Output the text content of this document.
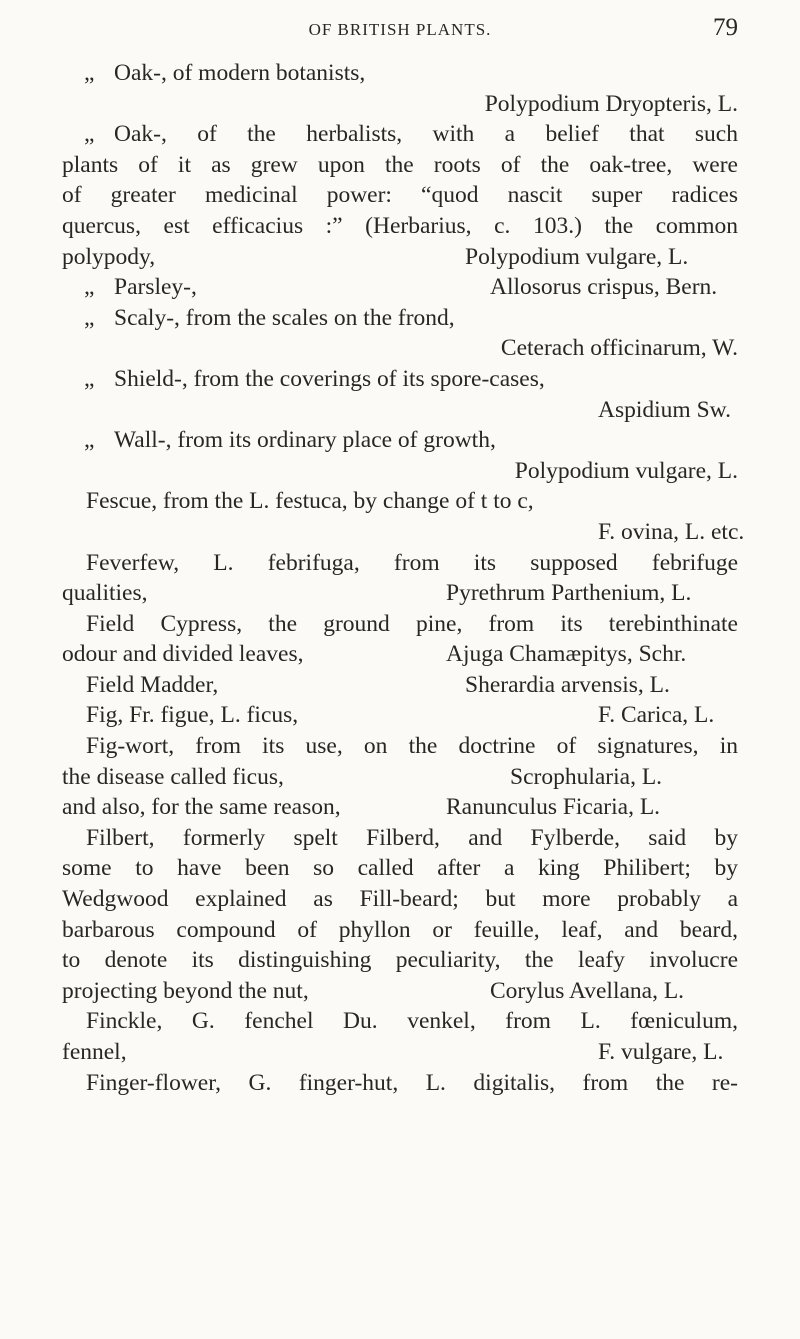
OF BRITISH PLANTS.	79
„ Oak-, of modern botanists,
Polypodium Dryopteris, L.
„ Oak-, of the herbalists, with a belief that such
plants of it as grew upon the roots of the oak-tree, were
of greater medicinal power: “quod nascit super radices
quercus, est efficacius :” (Herbarius, c. 103.) the common
polypody,	Polypodium vulgare, L.
„ Parsley-,	Allosorus crispus, Bern.
„ Scaly-, from the scales on the frond,
Ceterach officinarum, W.
„ Shield-, from the coverings of its spore-cases,
Aspidium Sw.
„ Wall-, from its ordinary place of growth,
Polypodium vulgare, L.
Fescue, from the L. festuca, by change of t to c,
F. ovina, L. etc.
Feverfew, L. febrifuga, from its supposed febrifuge
qualities,	Pyrethrum Parthenium, L.
Field Cypress, the ground pine, from its terebinthinate
odour and divided leaves,	Ajuga Chamæpitys, Schr.
Field Madder,	Sherardia arvensis, L.
Fig, Fr. figue, L. ficus,	F. Carica, L.
Fig-wort, from its use, on the doctrine of signatures, in
the disease called ficus,	Scrophularia, L.
and also, for the same reason,	Ranunculus Ficaria, L.
Filbert, formerly spelt Filberd, and Fylberde, said by
some to have been so called after a king Philibert; by
Wedgwood explained as Fill-beard; but more probably a
barbarous compound of phyllon or feuille, leaf, and beard,
to denote its distinguishing peculiarity, the leafy involucre
projecting beyond the nut,	Corylus Avellana, L.
Finckle, G. fenchel Du. venkel, from L. fœniculum,
fennel,	F. vulgare, L.
Finger-flower, G. finger-hut, L. digitalis, from the re-
